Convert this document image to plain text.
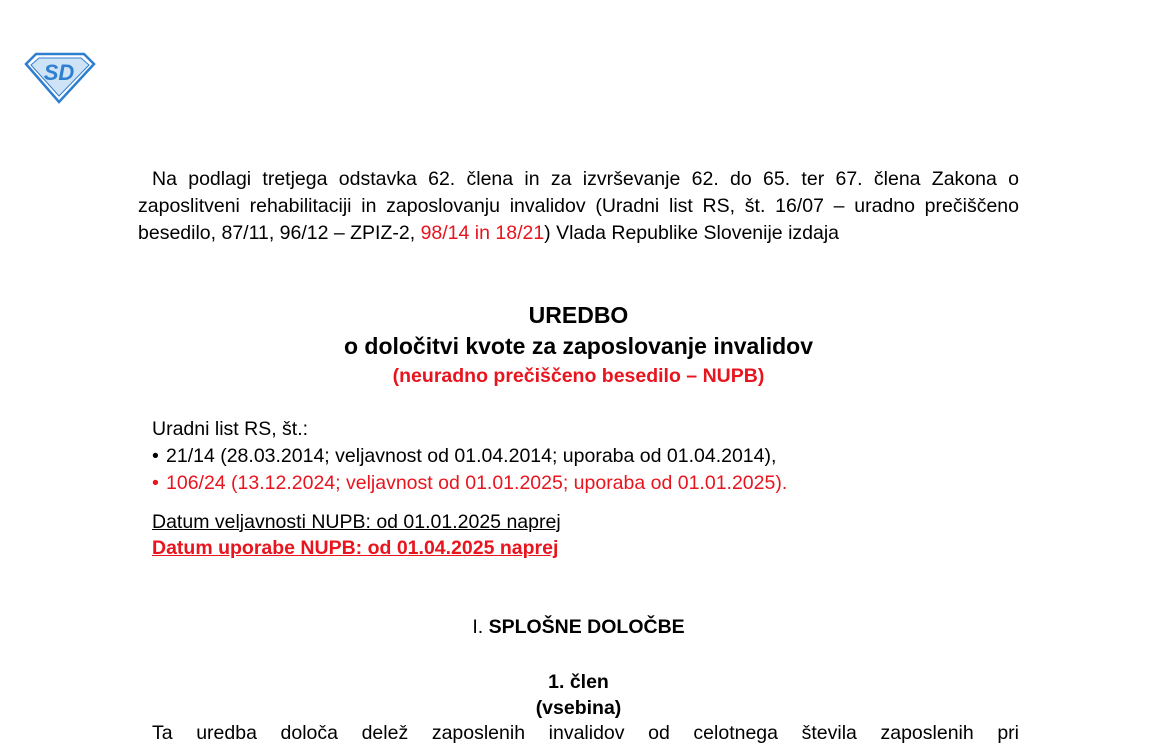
SD

Na podlagi tretjega odstavka 62. člena in za izvrševanje 62. do 65. ter 67. člena Zakona o zaposlitveni rehabilitaciji in zaposlovanju invalidov (Uradni list RS, št. 16/07 – uradno prečiščeno besedilo, 87/11, 96/12 – ZPIZ-2, 98/14 in 18/21) Vlada Republike Slovenije izdaja

UREDBO
o določitvi kvote za zaposlovanje invalidov
(neuradno prečiščeno besedilo – NUPB)
Uradni list RS, št.:
• 21/14 (28.03.2014; veljavnost od 01.04.2014; uporaba od 01.04.2014),
• 106/24 (13.12.2024; veljavnost od 01.01.2025; uporaba od 01.01.2025).
Datum veljavnosti NUPB: od 01.01.2025 naprej
Datum uporabe NUPB: od 01.04.2025 naprej
I. SPLOŠNE DOLOČBE
1. člen
(vsebina)

Ta uredba določa delež zaposlenih invalidov od celotnega števila zaposlenih pri
